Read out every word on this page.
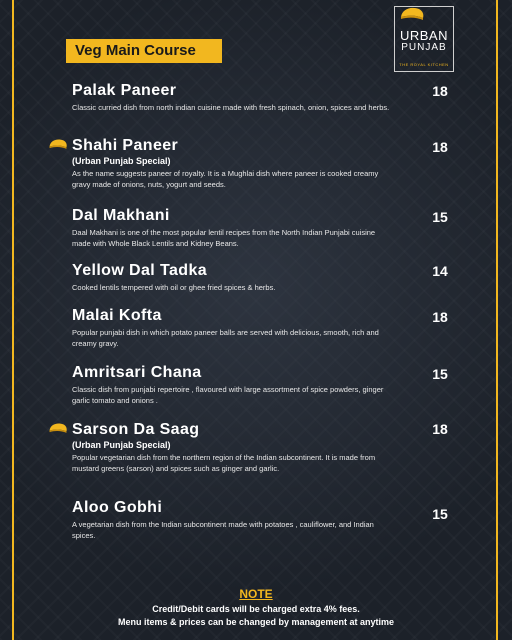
Veg Main Course
URBAN
PUNJAB
THE ROYAL KITCHEN
Palak Paneer
Classic curried dish from north indian cuisine made with fresh spinach, onion, spices and herbs.
18
Shahi Paneer
(Urban Punjab Special)
As the name suggests paneer of royalty. It is a Mughlai dish where paneer is cooked creamy gravy made of onions, nuts, yogurt and seeds.
18
Dal Makhani
Daal Makhani is one of the most popular lentil recipes from the North Indian Punjabi cuisine made with Whole Black Lentils and Kidney Beans.
15
Yellow Dal Tadka
Cooked lentils tempered with oil or ghee fried spices & herbs.
14
Malai Kofta
Popular punjabi dish in which potato paneer balls are served with delicious, smooth, rich and creamy gravy.
18
Amritsari Chana
Classic dish from punjabi repertoire , flavoured with large assortment of spice powders, ginger garlic tomato and onions .
15
Sarson Da Saag
(Urban Punjab Special)
Popular vegetarian dish from the northern region of the Indian subcontinent. It is made from mustard greens (sarson) and spices such as ginger and garlic.
18
Aloo Gobhi
A vegetarian dish from the Indian subcontinent made with potatoes , cauliflower, and Indian spices.
15
NOTE
Credit/Debit cards will be charged extra 4% fees.
Menu items & prices can be changed by management at anytime
